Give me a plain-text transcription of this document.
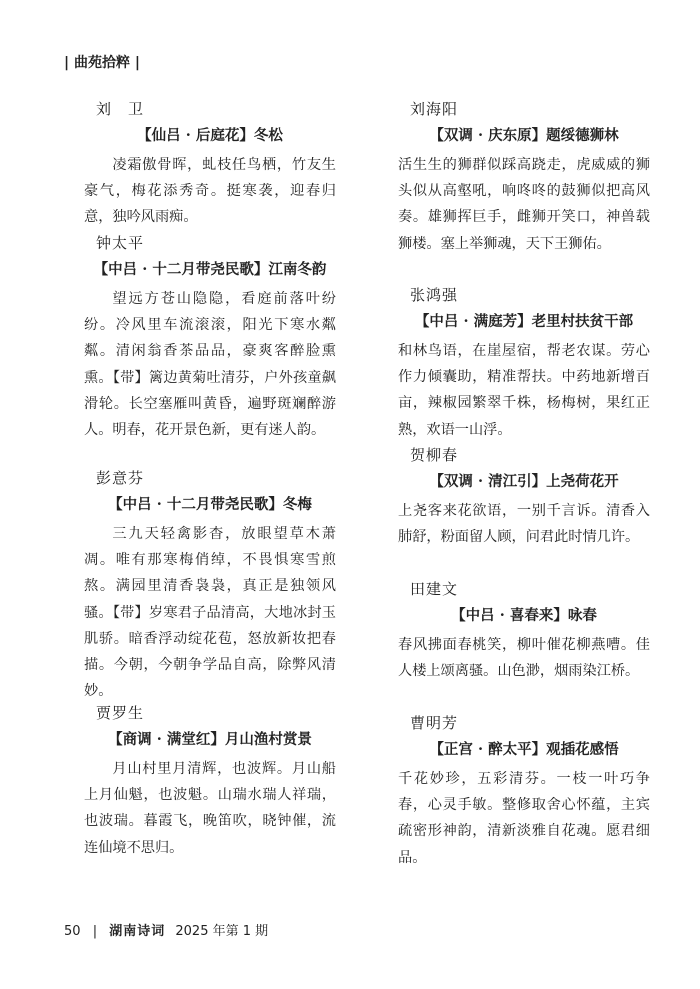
| 曲苑拾粹 |
刘　卫
【仙吕 · 后庭花】冬松
凌霜傲骨晖，虬枝任鸟栖，竹友生豪气，梅花添秀奇。挺寒袭，迎春归意，独吟风雨痴。
钟太平
【中吕 · 十二月带尧民歌】江南冬韵
望远方苍山隐隐，看庭前落叶纷纷。冷风里车流滚滚，阳光下寒水粼粼。清闲翁香茶品品，豪爽客醉脸熏熏。【带】篱边黄菊吐清芬，户外孩童飙滑轮。长空塞雁叫黄昏，遍野斑斓醉游人。明春，花开景色新，更有迷人韵。
彭意芬
【中吕 · 十二月带尧民歌】冬梅
三九天轻禽影杳，放眼望草木萧凋。唯有那寒梅俏绰，不畏惧寒雪煎熬。满园里清香袅袅，真正是独领风骚。【带】岁寒君子品清高，大地冰封玉肌骄。暗香浮动绽花苞，怒放新妆把春描。今朝，今朝争学品自高，除弊风清妙。
贾罗生
【商调 · 满堂红】月山渔村赏景
月山村里月清辉，也波辉。月山船上月仙魁，也波魁。山瑞水瑞人祥瑞，也波瑞。暮霞飞，晚笛吹，晓钟催，流连仙境不思归。
刘海阳
【双调 · 庆东原】题绥德狮林
活生生的狮群似踩高跷走，虎威威的狮头似从高壑吼，响咚咚的鼓狮似把高风奏。雄狮挥巨手，雌狮开笑口，神兽载狮楼。塞上举狮魂，天下王狮佑。
张鸿强
【中吕 · 满庭芳】老里村扶贫干部
和林鸟语，在崖屋宿，帮老农谋。劳心作力倾囊助，精准帮扶。中药地新增百亩，辣椒园繁翠千株，杨梅树，果红正熟，欢语一山浮。
贺柳春
【双调 · 清江引】上尧荷花开
上尧客来花欲语，一别千言诉。清香入肺舒，粉面留人顾，问君此时情几许。
田建文
【中吕 · 喜春来】咏春
春风拂面春桃笑，柳叶催花柳燕嘈。佳人楼上颂离骚。山色渺，烟雨染江桥。
曹明芳
【正宫 · 醉太平】观插花感悟
千花妙珍，五彩清芬。一枝一叶巧争春，心灵手敏。整修取舍心怀蕴，主宾疏密形神韵，清新淡雅自花魂。愿君细品。
50 | 湖南诗词 2025 年第 1 期
